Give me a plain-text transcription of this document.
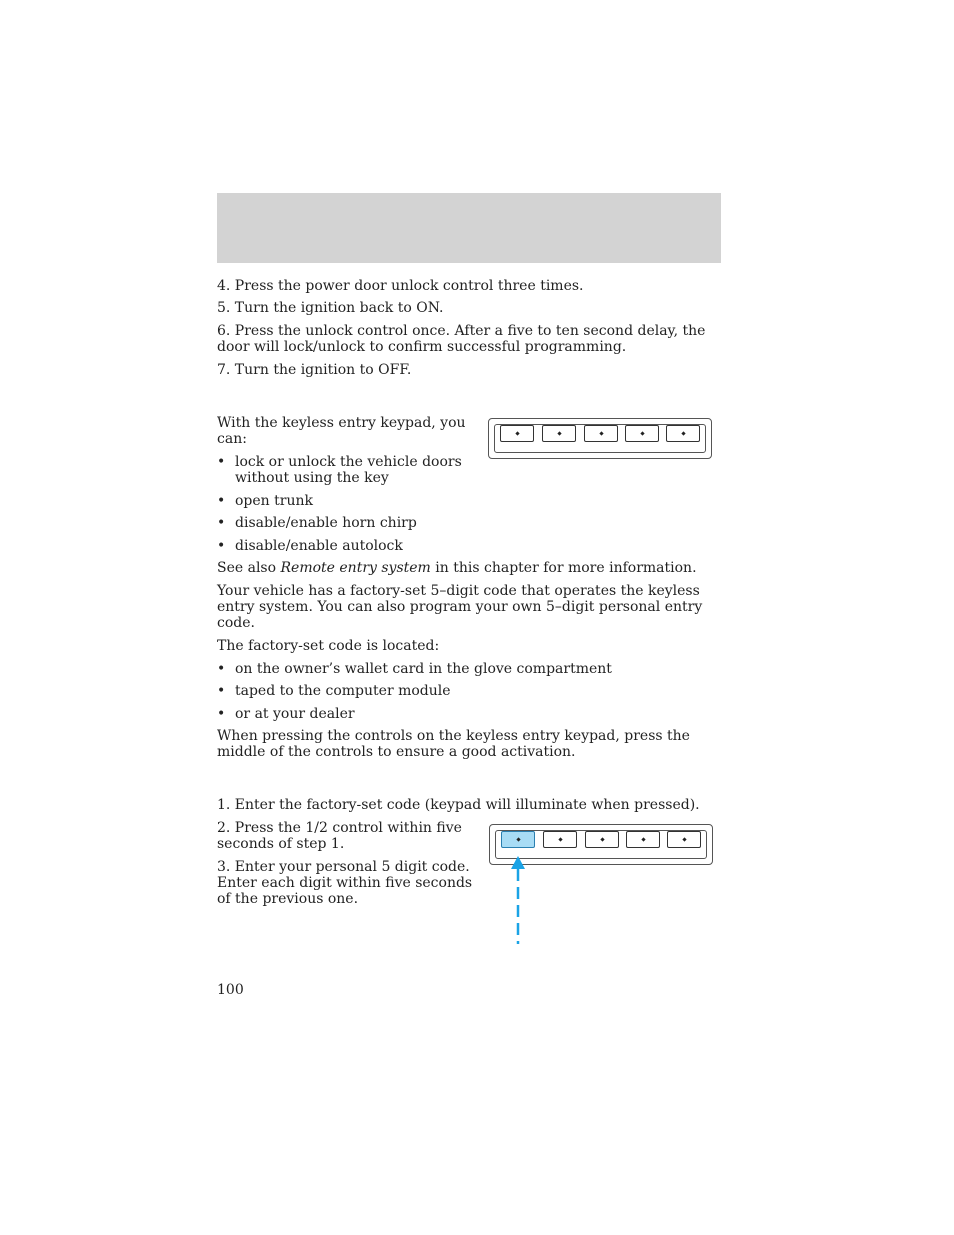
4. Press the power door unlock control three times.

5. Turn the ignition back to ON.

6. Press the unlock control once. After a five to ten second delay, the

door will lock/unlock to confirm successful programming.

7. Turn the ignition to OFF.

With the keyless entry keypad, you

can:

• lock or unlock the vehicle doors

without using the key

• open trunk

• disable/enable horn chirp

• disable/enable autolock

See also Remote entry system in this chapter for more information.

Your vehicle has a factory-set 5–digit code that operates the keyless

entry system. You can also program your own 5–digit personal entry

code.

The factory-set code is located:

• on the owner’s wallet card in the glove compartment

• taped to the computer module

• or at your dealer

When pressing the controls on the keyless entry keypad, press the

middle of the controls to ensure a good activation.

1. Enter the factory-set code (keypad will illuminate when pressed).

2. Press the 1/2 control within five

seconds of step 1.

3. Enter your personal 5 digit code.

Enter each digit within five seconds

of the previous one.

100
